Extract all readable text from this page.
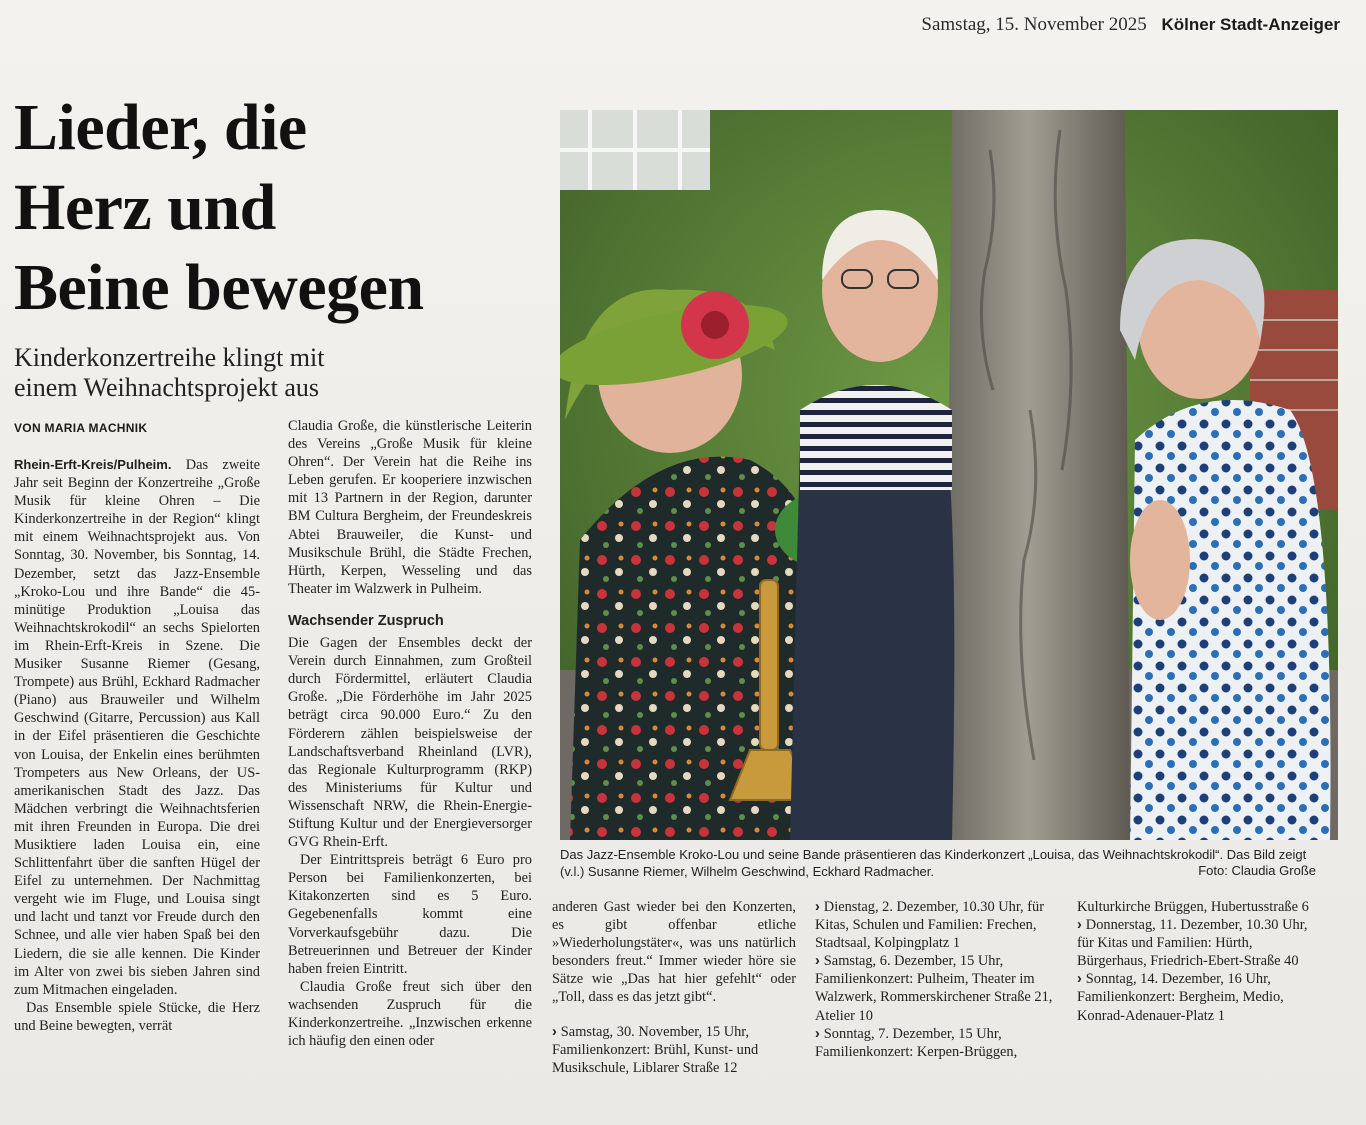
Samstag, 15. November 2025 Kölner Stadt-Anzeiger
Lieder, die
Herz und
Beine bewegen
Kinderkonzertreihe klingt mit
einem Weihnachtsprojekt aus
VON MARIA MACHNIK

Rhein-Erft-Kreis/Pulheim. Das zweite Jahr seit Beginn der Konzertreihe „Große Musik für kleine Ohren – Die Kinderkonzertreihe in der Region“ klingt mit einem Weihnachtsprojekt aus. Von Sonntag, 30. November, bis Sonntag, 14. Dezember, setzt das Jazz-Ensemble „Kroko-Lou und ihre Bande“ die 45-minütige Produktion „Louisa das Weihnachtskrokodil“ an sechs Spielorten im Rhein-Erft-Kreis in Szene. Die Musiker Susanne Riemer (Gesang, Trompete) aus Brühl, Eckhard Radmacher (Piano) aus Brauweiler und Wilhelm Geschwind (Gitarre, Percussion) aus Kall in der Eifel präsentieren die Geschichte von Louisa, der Enkelin eines berühmten Trompeters aus New Orleans, der US-amerikanischen Stadt des Jazz. Das Mädchen verbringt die Weihnachtsferien mit ihren Freunden in Europa. Die drei Musiktiere laden Louisa ein, eine Schlittenfahrt über die sanften Hügel der Eifel zu unternehmen. Der Nachmittag vergeht wie im Fluge, und Louisa singt und lacht und tanzt vor Freude durch den Schnee, und alle vier haben Spaß bei den Liedern, die sie alle kennen. Die Kinder im Alter von zwei bis sieben Jahren sind zum Mitmachen eingeladen.

Das Ensemble spiele Stücke, die Herz und Beine bewegten, verrät

Claudia Große, die künstlerische Leiterin des Vereins „Große Musik für kleine Ohren“. Der Verein hat die Reihe ins Leben gerufen. Er kooperiere inzwischen mit 13 Partnern in der Region, darunter BM Cultura Bergheim, der Freundeskreis Abtei Brauweiler, die Kunst- und Musikschule Brühl, die Städte Frechen, Hürth, Kerpen, Wesseling und das Theater im Walzwerk in Pulheim.

Wachsender Zuspruch

Die Gagen der Ensembles deckt der Verein durch Einnahmen, zum Großteil durch Fördermittel, erläutert Claudia Große. „Die Förderhöhe im Jahr 2025 beträgt circa 90.000 Euro.“ Zu den Förderern zählen beispielsweise der Landschaftsverband Rheinland (LVR), das Regionale Kulturprogramm (RKP) des Ministeriums für Kultur und Wissenschaft NRW, die Rhein-Energie-Stiftung Kultur und der Energieversorger GVG Rhein-Erft.

Der Eintrittspreis beträgt 6 Euro pro Person bei Familienkonzerten, bei Kitakonzerten sind es 5 Euro. Gegebenenfalls kommt eine Vorverkaufsgebühr dazu. Die Betreuerinnen und Betreuer der Kinder haben freien Eintritt.

Claudia Große freut sich über den wachsenden Zuspruch für die Kinderkonzertreihe. „Inzwischen erkenne ich häufig den einen oder

anderen Gast wieder bei den Konzerten, es gibt offenbar etliche »Wiederholungstäter«, was uns natürlich besonders freut.“ Immer wieder höre sie Sätze wie „Das hat hier gefehlt“ oder „Toll, dass es das jetzt gibt“.

› Samstag, 30. November, 15 Uhr, Familienkonzert: Brühl, Kunst- und Musikschule, Liblarer Straße 12

› Dienstag, 2. Dezember, 10.30 Uhr, für Kitas, Schulen und Familien: Frechen, Stadtsaal, Kolpingplatz 1

› Samstag, 6. Dezember, 15 Uhr, Familienkonzert: Pulheim, Theater im Walzwerk, Rommerskirchener Straße 21, Atelier 10

› Sonntag, 7. Dezember, 15 Uhr, Familienkonzert: Kerpen-Brüggen,

Kulturkirche Brüggen, Hubertusstraße 6

› Donnerstag, 11. Dezember, 10.30 Uhr, für Kitas und Familien: Hürth, Bürgerhaus, Friedrich-Ebert-Straße 40

› Sonntag, 14. Dezember, 16 Uhr, Familienkonzert: Bergheim, Medio, Konrad-Adenauer-Platz 1

Das Jazz-Ensemble Kroko-Lou und seine Bande präsentieren das Kinderkonzert „Louisa, das Weihnachtskrokodil“. Das Bild zeigt (v.l.) Susanne Riemer, Wilhelm Geschwind, Eckhard Radmacher.	Foto: Claudia Große
